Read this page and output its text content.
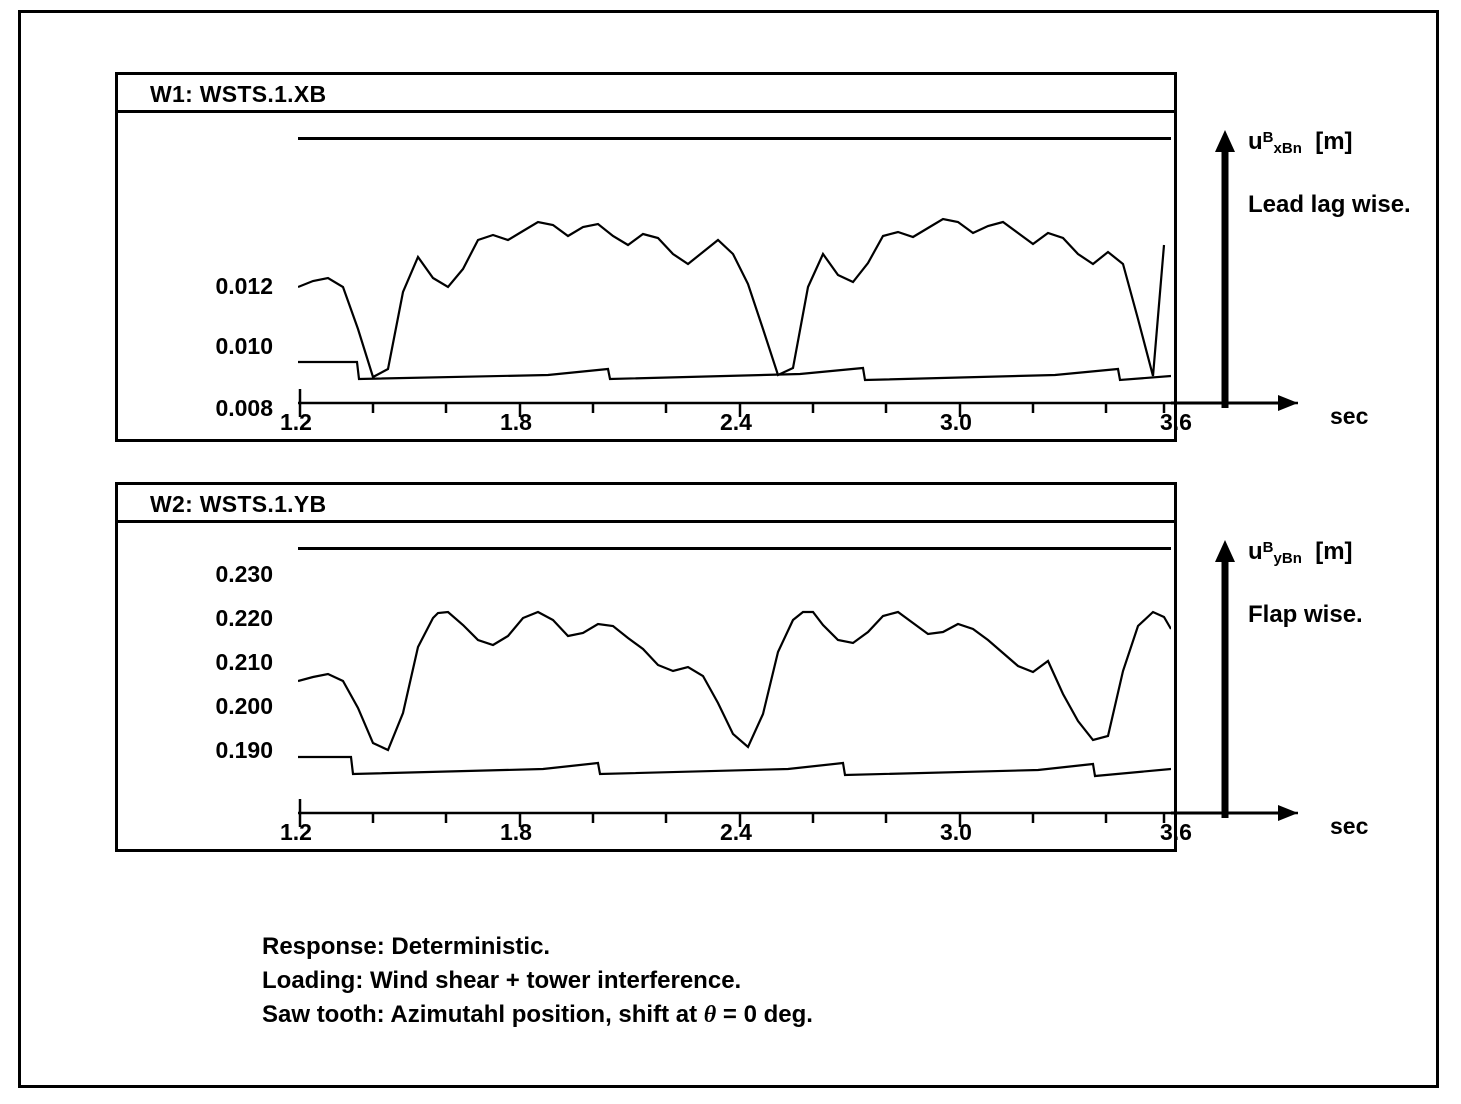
W1: WSTS.1.XB
0.012
0.010
0.008
1.2	1.8	2.4	3.0	3.6	sec
$u^B_{xBn}$ [m]
Lead lag wise.
W2: WSTS.1.YB
0.230
0.220
0.210
0.200
0.190
1.2	1.8	2.4	3.0	3.6	sec
$u^B_{yBn}$ [m]
Flap wise.
Response: Deterministic.
Loading: Wind shear + tower interference.
Saw tooth: Azimutahl position, shift at θ = 0 deg.
